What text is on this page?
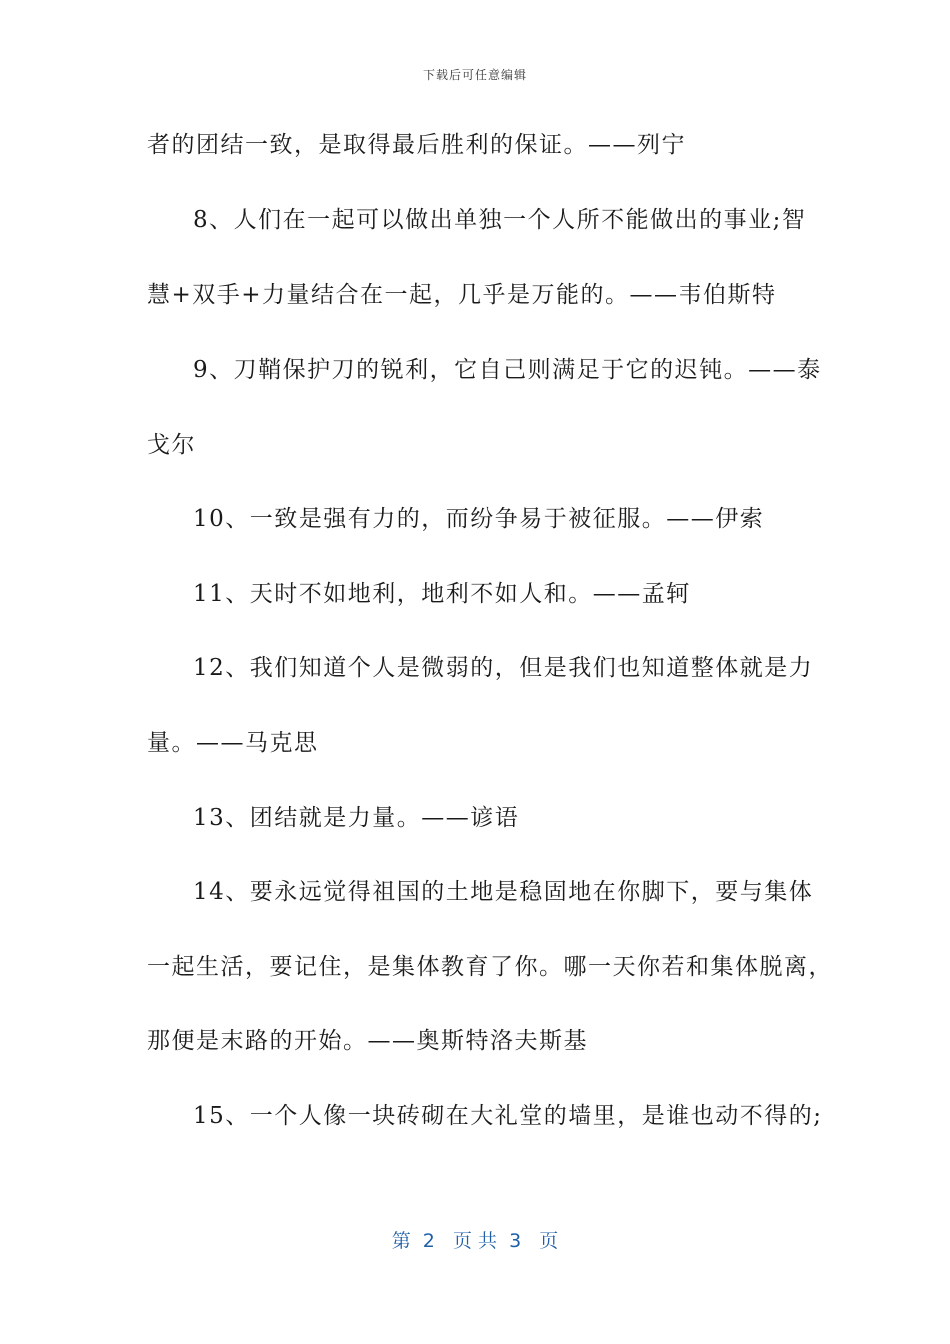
下载后可任意编辑
者的团结一致，是取得最后胜利的保证。——列宁
8、人们在一起可以做出单独一个人所不能做出的事业;智
慧+双手+力量结合在一起，几乎是万能的。——韦伯斯特
9、刀鞘保护刀的锐利，它自己则满足于它的迟钝。——泰
戈尔
10、一致是强有力的，而纷争易于被征服。——伊索
11、天时不如地利，地利不如人和。——孟轲
12、我们知道个人是微弱的，但是我们也知道整体就是力
量。——马克思
13、团结就是力量。——谚语
14、要永远觉得祖国的土地是稳固地在你脚下，要与集体
一起生活，要记住，是集体教育了你。哪一天你若和集体脱离，
那便是末路的开始。——奥斯特洛夫斯基
15、一个人像一块砖砌在大礼堂的墙里，是谁也动不得的;
第  2   页 共  3   页
